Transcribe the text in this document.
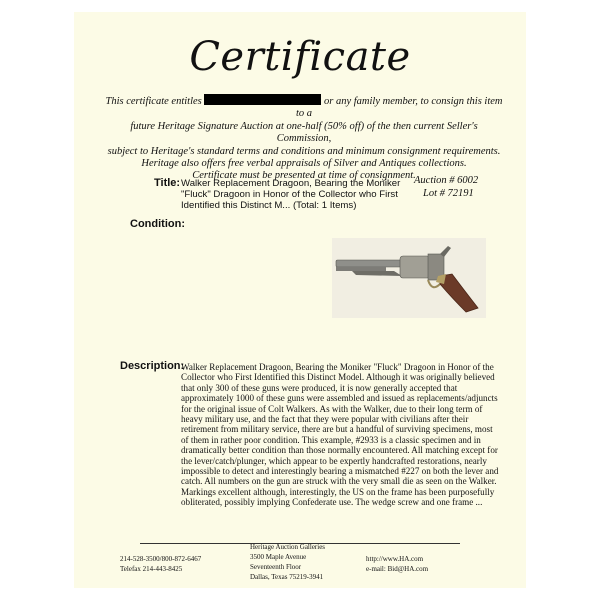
Certificate
This certificate entitles	or any family member, to consign this item to a
future Heritage Signature Auction at one-half (50% off) of the then current Seller's Commission,
subject to Heritage's standard terms and conditions and minimum consignment requirements.
Heritage also offers free verbal appraisals of Silver and Antiques collections.
Certificate must be presented at time of consignment.
Title: Walker Replacement Dragoon, Bearing the Moniker "Fluck" Dragoon in Honor of the Collector who First Identified this Distinct M... (Total: 1 Items)
Auction # 6002
Lot # 72191
Condition:
Description:
Walker Replacement Dragoon, Bearing the Moniker "Fluck" Dragoon in Honor of the Collector who First Identified this Distinct Model. Although it was originally believed that only 300 of these guns were produced, it is now generally accepted that approximately 1000 of these guns were assembled and issued as replacements/adjuncts for the original issue of Colt Walkers. As with the Walker, due to their long term of heavy military use, and the fact that they were popular with civilians after their retirement from military service, there are but a handful of surviving specimens, most of them in rather poor condition. This example, #2933 is a classic specimen and in dramatically better condition than those normally encountered. All matching except for the lever/catch/plunger, which appear to be expertly handcrafted restorations, nearly impossible to detect and interestingly bearing a mismatched #227 on both the lever and catch. All numbers on the gun are struck with the very small die as seen on the Walker. Markings excellent although, interestingly, the US on the frame has been purposefully obliterated, possibly implying Confederate use. The wedge screw and one frame ...
214-528-3500/800-872-6467
Telefax 214-443-8425
Heritage Auction Galleries
3500 Maple Avenue
Seventeenth Floor
Dallas, Texas 75219-3941
http://www.HA.com
e-mail: Bid@HA.com
